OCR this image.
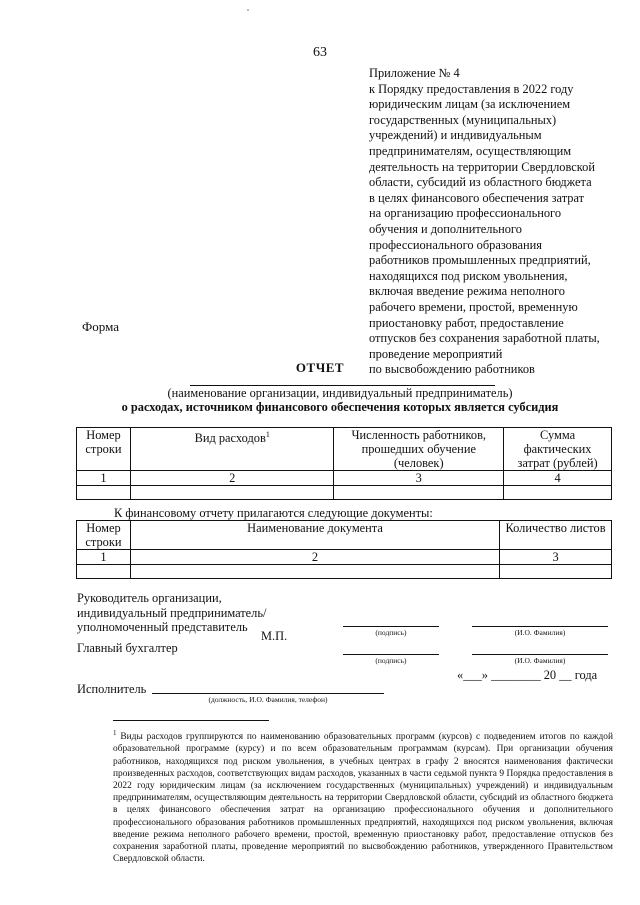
63
Приложение № 4
к Порядку предоставления в 2022 году
юридическим лицам (за исключением
государственных (муниципальных)
учреждений) и индивидуальным
предпринимателям, осуществляющим
деятельность на территории Свердловской
области, субсидий из областного бюджета
в целях финансового обеспечения затрат
на организацию профессионального
обучения и дополнительного
профессионального образования
работников промышленных предприятий,
находящихся под риском увольнения,
включая введение режима неполного
рабочего времени, простой, временную
приостановку работ, предоставление
отпусков без сохранения заработной платы,
проведение мероприятий
по высвобождению работников
Форма
ОТЧЕТ
(наименование организации, индивидуальный предприниматель)
о расходах, источником финансового обеспечения которых является субсидия
Номер строки	Вид расходов$^1$	Численность работников, прошедших обучение (человек)	Сумма фактических затрат (рублей)
1	2	3	4

К финансовому отчету прилагаются следующие документы:
Номер строки	Наименование документа	Количество листов
1	2	3

Руководитель организации,
индивидуальный предприниматель/
уполномоченный представитель
М.П.	(подпись)	(И.О. Фамилия)
Главный бухгалтер
(подпись)	(И.О. Фамилия)
«___» ________ 20 __ года
Исполнитель
(должность, И.О. Фамилия, телефон)
$^1$ Виды расходов группируются по наименованию образовательных программ (курсов) с подведением итогов по каждой образовательной программе (курсу) и по всем образовательным программам (курсам). При организации обучения работников, находящихся под риском увольнения, в учебных центрах в графу 2 вносятся наименования фактически произведенных расходов, соответствующих видам расходов, указанных в части седьмой пункта 9 Порядка предоставления в 2022 году юридическим лицам (за исключением государственных (муниципальных) учреждений) и индивидуальным предпринимателям, осуществляющим деятельность на территории Свердловской области, субсидий из областного бюджета в целях финансового обеспечения затрат на организацию профессионального обучения и дополнительного профессионального образования работников промышленных предприятий, находящихся под риском увольнения, включая введение режима неполного рабочего времени, простой, временную приостановку работ, предоставление отпусков без сохранения заработной платы, проведение мероприятий по высвобождению работников, утвержденного Правительством Свердловской области.
